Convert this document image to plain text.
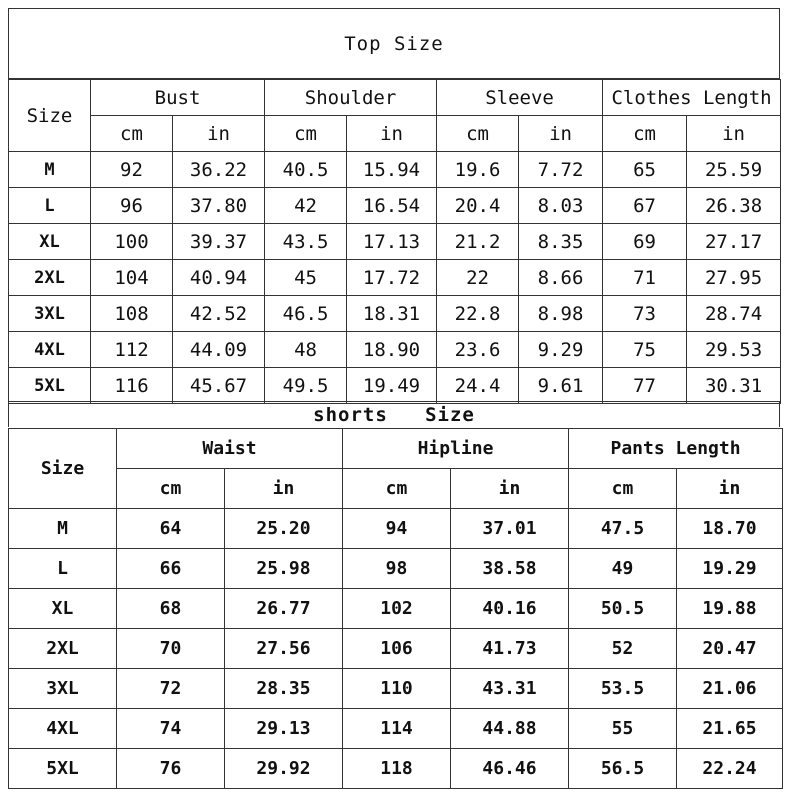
Top Size
Size	Bust		Shoulder		Sleeve		Clothes Length	
	cm	in	cm	in	cm	in	cm	in
M	92	36.22	40.5	15.94	19.6	7.72	65	25.59
L	96	37.80	42	16.54	20.4	8.03	67	26.38
XL	100	39.37	43.5	17.13	21.2	8.35	69	27.17
2XL	104	40.94	45	17.72	22	8.66	71	27.95
3XL	108	42.52	46.5	18.31	22.8	8.98	73	28.74
4XL	112	44.09	48	18.90	23.6	9.29	75	29.53
5XL	116	45.67	49.5	19.49	24.4	9.61	77	30.31
shorts   Size
Size	Waist		Hipline		Pants Length	
	cm	in	cm	in	cm	in
M	64	25.20	94	37.01	47.5	18.70
L	66	25.98	98	38.58	49	19.29
XL	68	26.77	102	40.16	50.5	19.88
2XL	70	27.56	106	41.73	52	20.47
3XL	72	28.35	110	43.31	53.5	21.06
4XL	74	29.13	114	44.88	55	21.65
5XL	76	29.92	118	46.46	56.5	22.24
